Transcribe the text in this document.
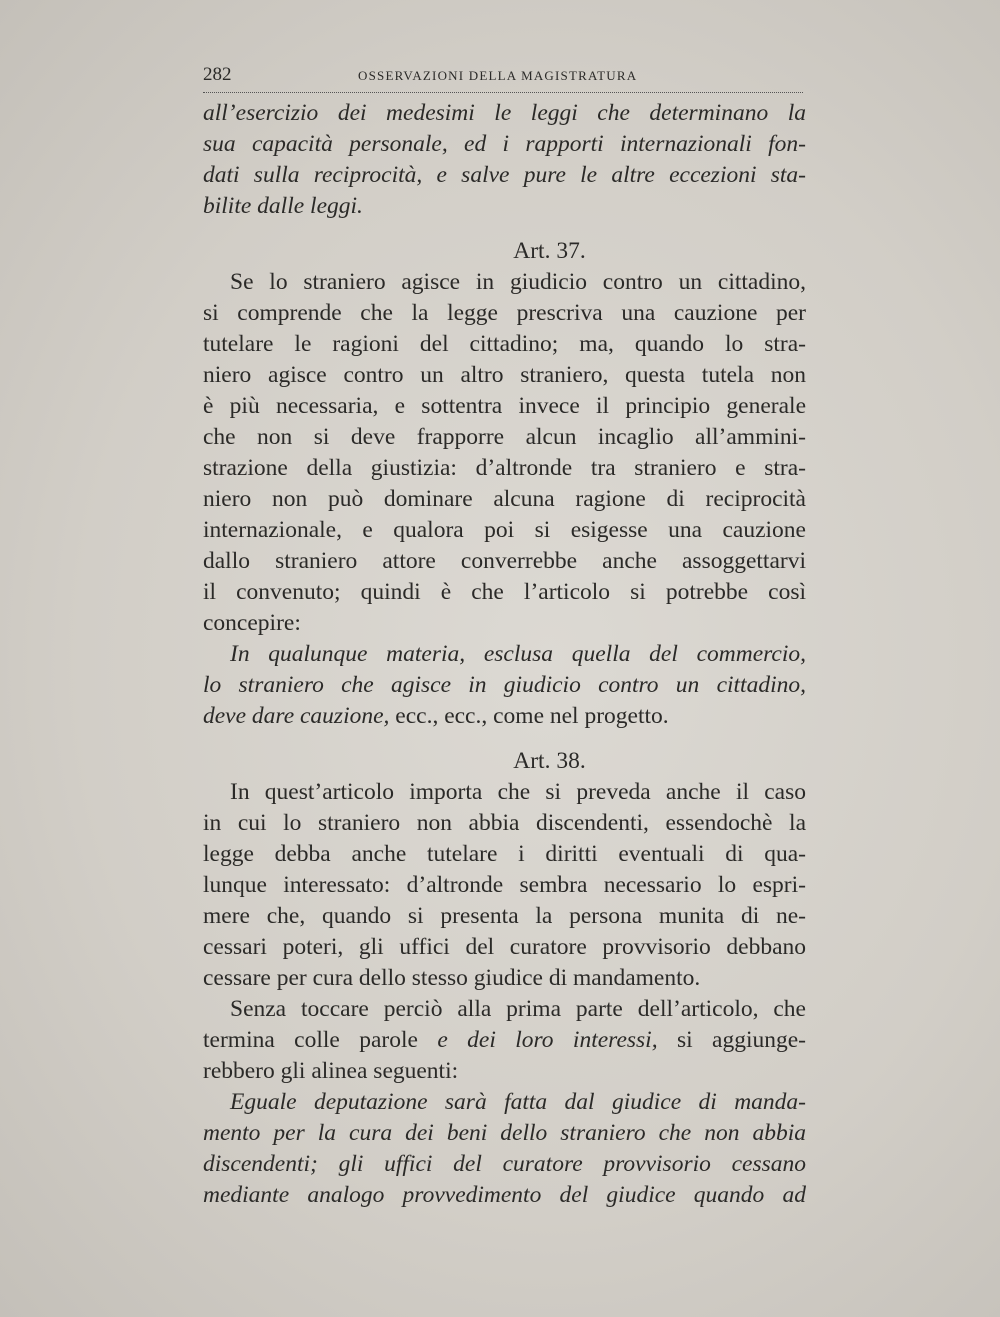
282	OSSERVAZIONI DELLA MAGISTRATURA
all’esercizio dei medesimi le leggi che determinano la
sua capacità personale, ed i rapporti internazionali fon-
dati sulla reciprocità, e salve pure le altre eccezioni sta-
bilite dalle leggi.
Art. 37.
Se lo straniero agisce in giudicio contro un cittadino,
si comprende che la legge prescriva una cauzione per
tutelare le ragioni del cittadino; ma, quando lo stra-
niero agisce contro un altro straniero, questa tutela non
è più necessaria, e sottentra invece il principio generale
che non si deve frapporre alcun incaglio all’ammini-
strazione della giustizia: d’altronde tra straniero e stra-
niero non può dominare alcuna ragione di reciprocità
internazionale, e qualora poi si esigesse una cauzione
dallo straniero attore converrebbe anche assoggettarvi
il convenuto; quindi è che l’articolo si potrebbe così
concepire:
In qualunque materia, esclusa quella del commercio,
lo straniero che agisce in giudicio contro un cittadino,
deve dare cauzione, ecc., ecc., come nel progetto.
Art. 38.
In quest’articolo importa che si preveda anche il caso
in cui lo straniero non abbia discendenti, essendochè la
legge debba anche tutelare i diritti eventuali di qua-
lunque interessato: d’altronde sembra necessario lo espri-
mere che, quando si presenta la persona munita di ne-
cessari poteri, gli uffici del curatore provvisorio debbano
cessare per cura dello stesso giudice di mandamento.
Senza toccare perciò alla prima parte dell’articolo, che
termina colle parole e dei loro interessi, si aggiunge-
rebbero gli alinea seguenti:
Eguale deputazione sarà fatta dal giudice di manda-
mento per la cura dei beni dello straniero che non abbia
discendenti; gli uffici del curatore provvisorio cessano
mediante analogo provvedimento del giudice quando ad
